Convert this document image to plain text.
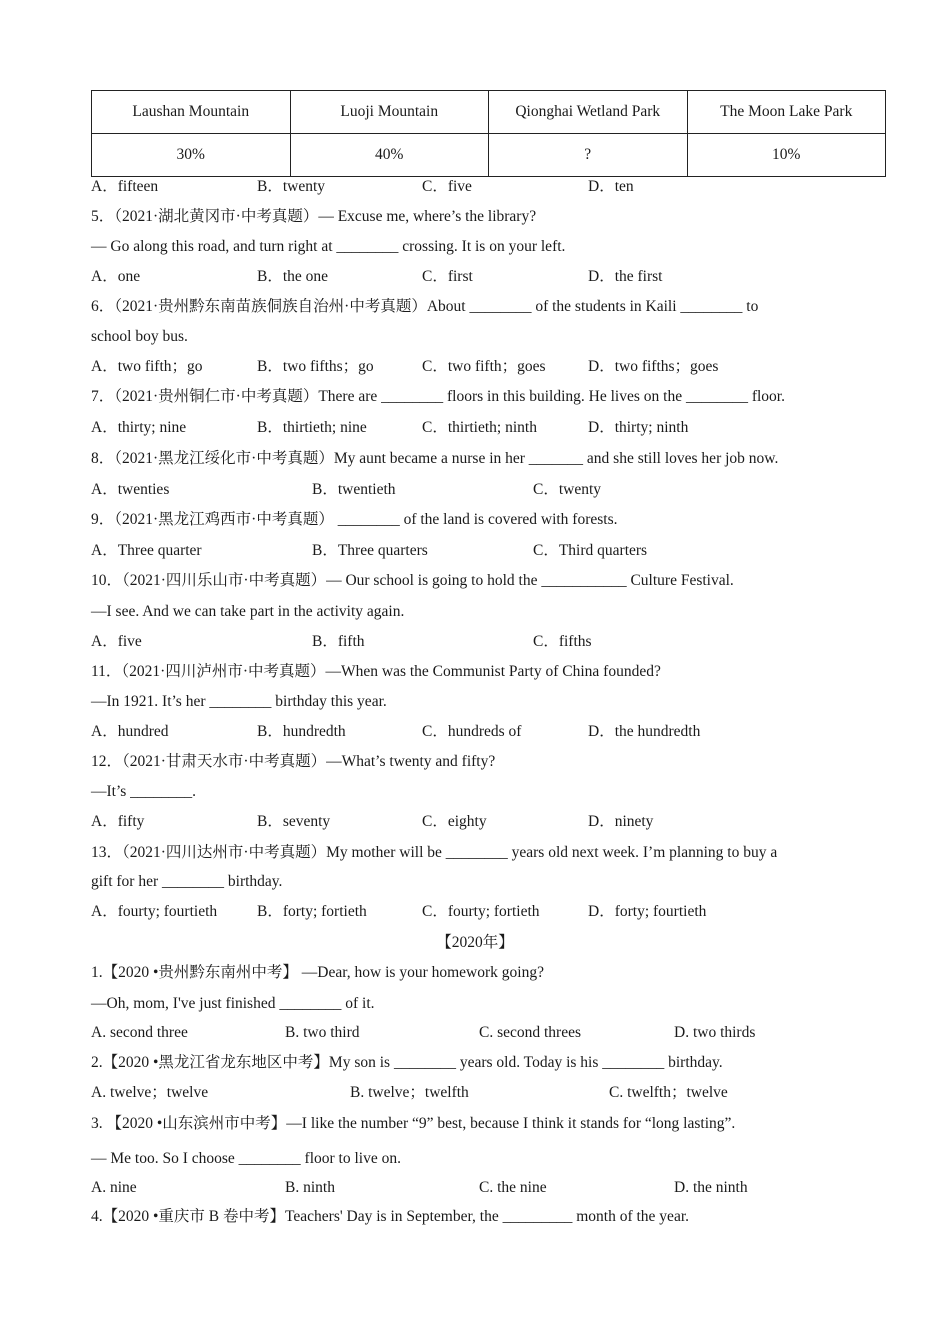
Laushan Mountain	Luoji Mountain	Qionghai Wetland Park	The Moon Lake Park
30%	40%	?	10%
A．fifteen	B．twenty	C．five	D．ten
5．（2021·湖北黄冈市·中考真题）— Excuse me, where’s the library?
— Go along this road, and turn right at ________ crossing. It is on your left.
A．one	B．the one	C．first	D．the first
6．（2021·贵州黔东南苗族侗族自治州·中考真题）About ________ of the students in Kaili ________ to
school boy bus.
A．two fifth；go	B．two fifths；go	C．two fifth；goes	D．two fifths；goes
7．（2021·贵州铜仁市·中考真题）There are ________ floors in this building. He lives on the ________ floor.
A．thirty; nine	B．thirtieth; nine	C．thirtieth; ninth	D．thirty; ninth
8．（2021·黑龙江绥化市·中考真题）My aunt became a nurse in her _______ and she still loves her job now.
A．twenties	B．twentieth	C．twenty
9．（2021·黑龙江鸡西市·中考真题） ________ of the land is covered with forests.
A．Three quarter	B．Three quarters	C．Third quarters
10．（2021·四川乐山市·中考真题）— Our school is going to hold the ___________ Culture Festival.
—I see. And we can take part in the activity again.
A．five	B．fifth	C．fifths
11．（2021·四川泸州市·中考真题）—When was the Communist Party of China founded?
—In 1921. It’s her ________ birthday this year.
A．hundred	B．hundredth	C．hundreds of	D．the hundredth
12．（2021·甘肃天水市·中考真题）—What’s twenty and fifty?
—It’s ________.
A．fifty	B．seventy	C．eighty	D．ninety
13．（2021·四川达州市·中考真题）My mother will be ________ years old next week. I’m planning to buy a
gift for her ________ birthday.
A．fourty; fourtieth	B．forty; fortieth	C．fourty; fortieth	D．forty; fourtieth
【2020年】
1.【2020 •贵州黔东南州中考】 —Dear, how is your homework going?
—Oh, mom, I've just finished ________ of it.
A. second three	B. two third	C. second threes	D. two thirds
2.【2020 •黑龙江省龙东地区中考】My son is ________ years old. Today is his ________ birthday.
A. twelve；twelve	B. twelve；twelfth	C. twelfth；twelve
3. 【2020 •山东滨州市中考】—I like the number “9” best, because I think it stands for “long lasting”.
— Me too. So I choose ________ floor to live on.
A. nine	B. ninth	C. the nine	D. the ninth
4.【2020 •重庆市 B 卷中考】Teachers' Day is in September, the _________ month of the year.
